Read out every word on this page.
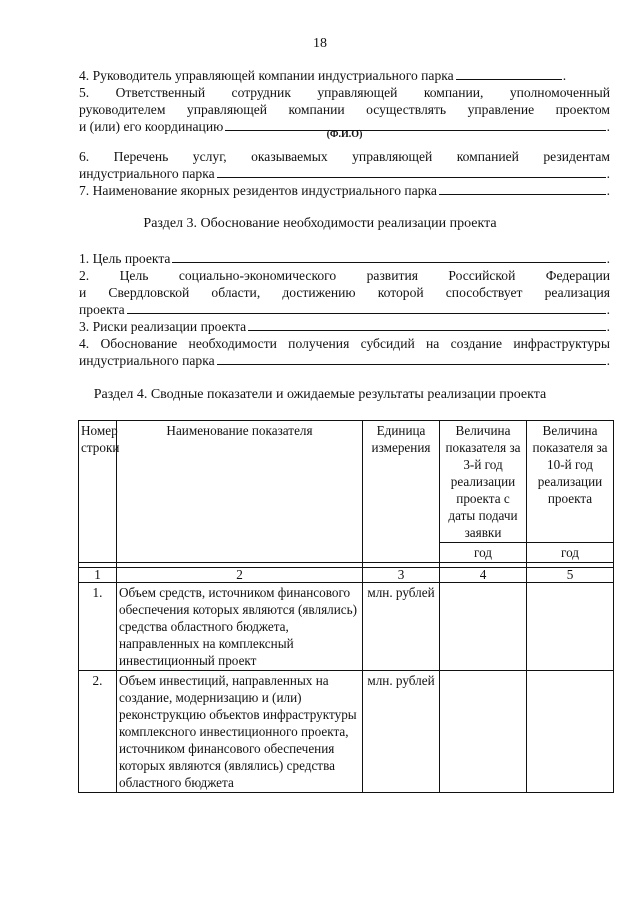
18
4. Руководитель управляющей компании индустриального парка	.
5. Ответственный сотрудник управляющей компании, уполномоченный
руководителем управляющей компании осуществлять управление проектом
и (или) его координацию	.
(Ф.И.О)
6. Перечень услуг, оказываемых управляющей компанией резидентам
индустриального парка	.
7. Наименование якорных резидентов индустриального парка	.
Раздел 3. Обоснование необходимости реализации проекта
1. Цель проекта	.
2. Цель социально-экономического развития Российской Федерации
и Свердловской области, достижению которой способствует реализация
проекта	.
3. Риски реализации проекта	.
4. Обоснование необходимости получения субсидий на создание инфраструктуры
индустриального парка	.
Раздел 4. Сводные показатели и ожидаемые результаты реализации проекта
Номер строки	Наименование показателя	Единица измерения	Величина показателя за 3-й год реализации проекта с даты подачи заявки	Величина показателя за 10-й год реализации проекта
			год	год

1	2	3	4	5
1.	Объем средств, источником финансового обеспечения которых являются (являлись) средства областного бюджета, направленных на комплексный инвестиционный проект	млн. рублей		
2.	Объем инвестиций, направленных на создание, модернизацию и (или) реконструкцию объектов инфраструктуры комплексного инвестиционного проекта, источником финансового обеспечения которых являются (являлись) средства областного бюджета	млн. рублей		
